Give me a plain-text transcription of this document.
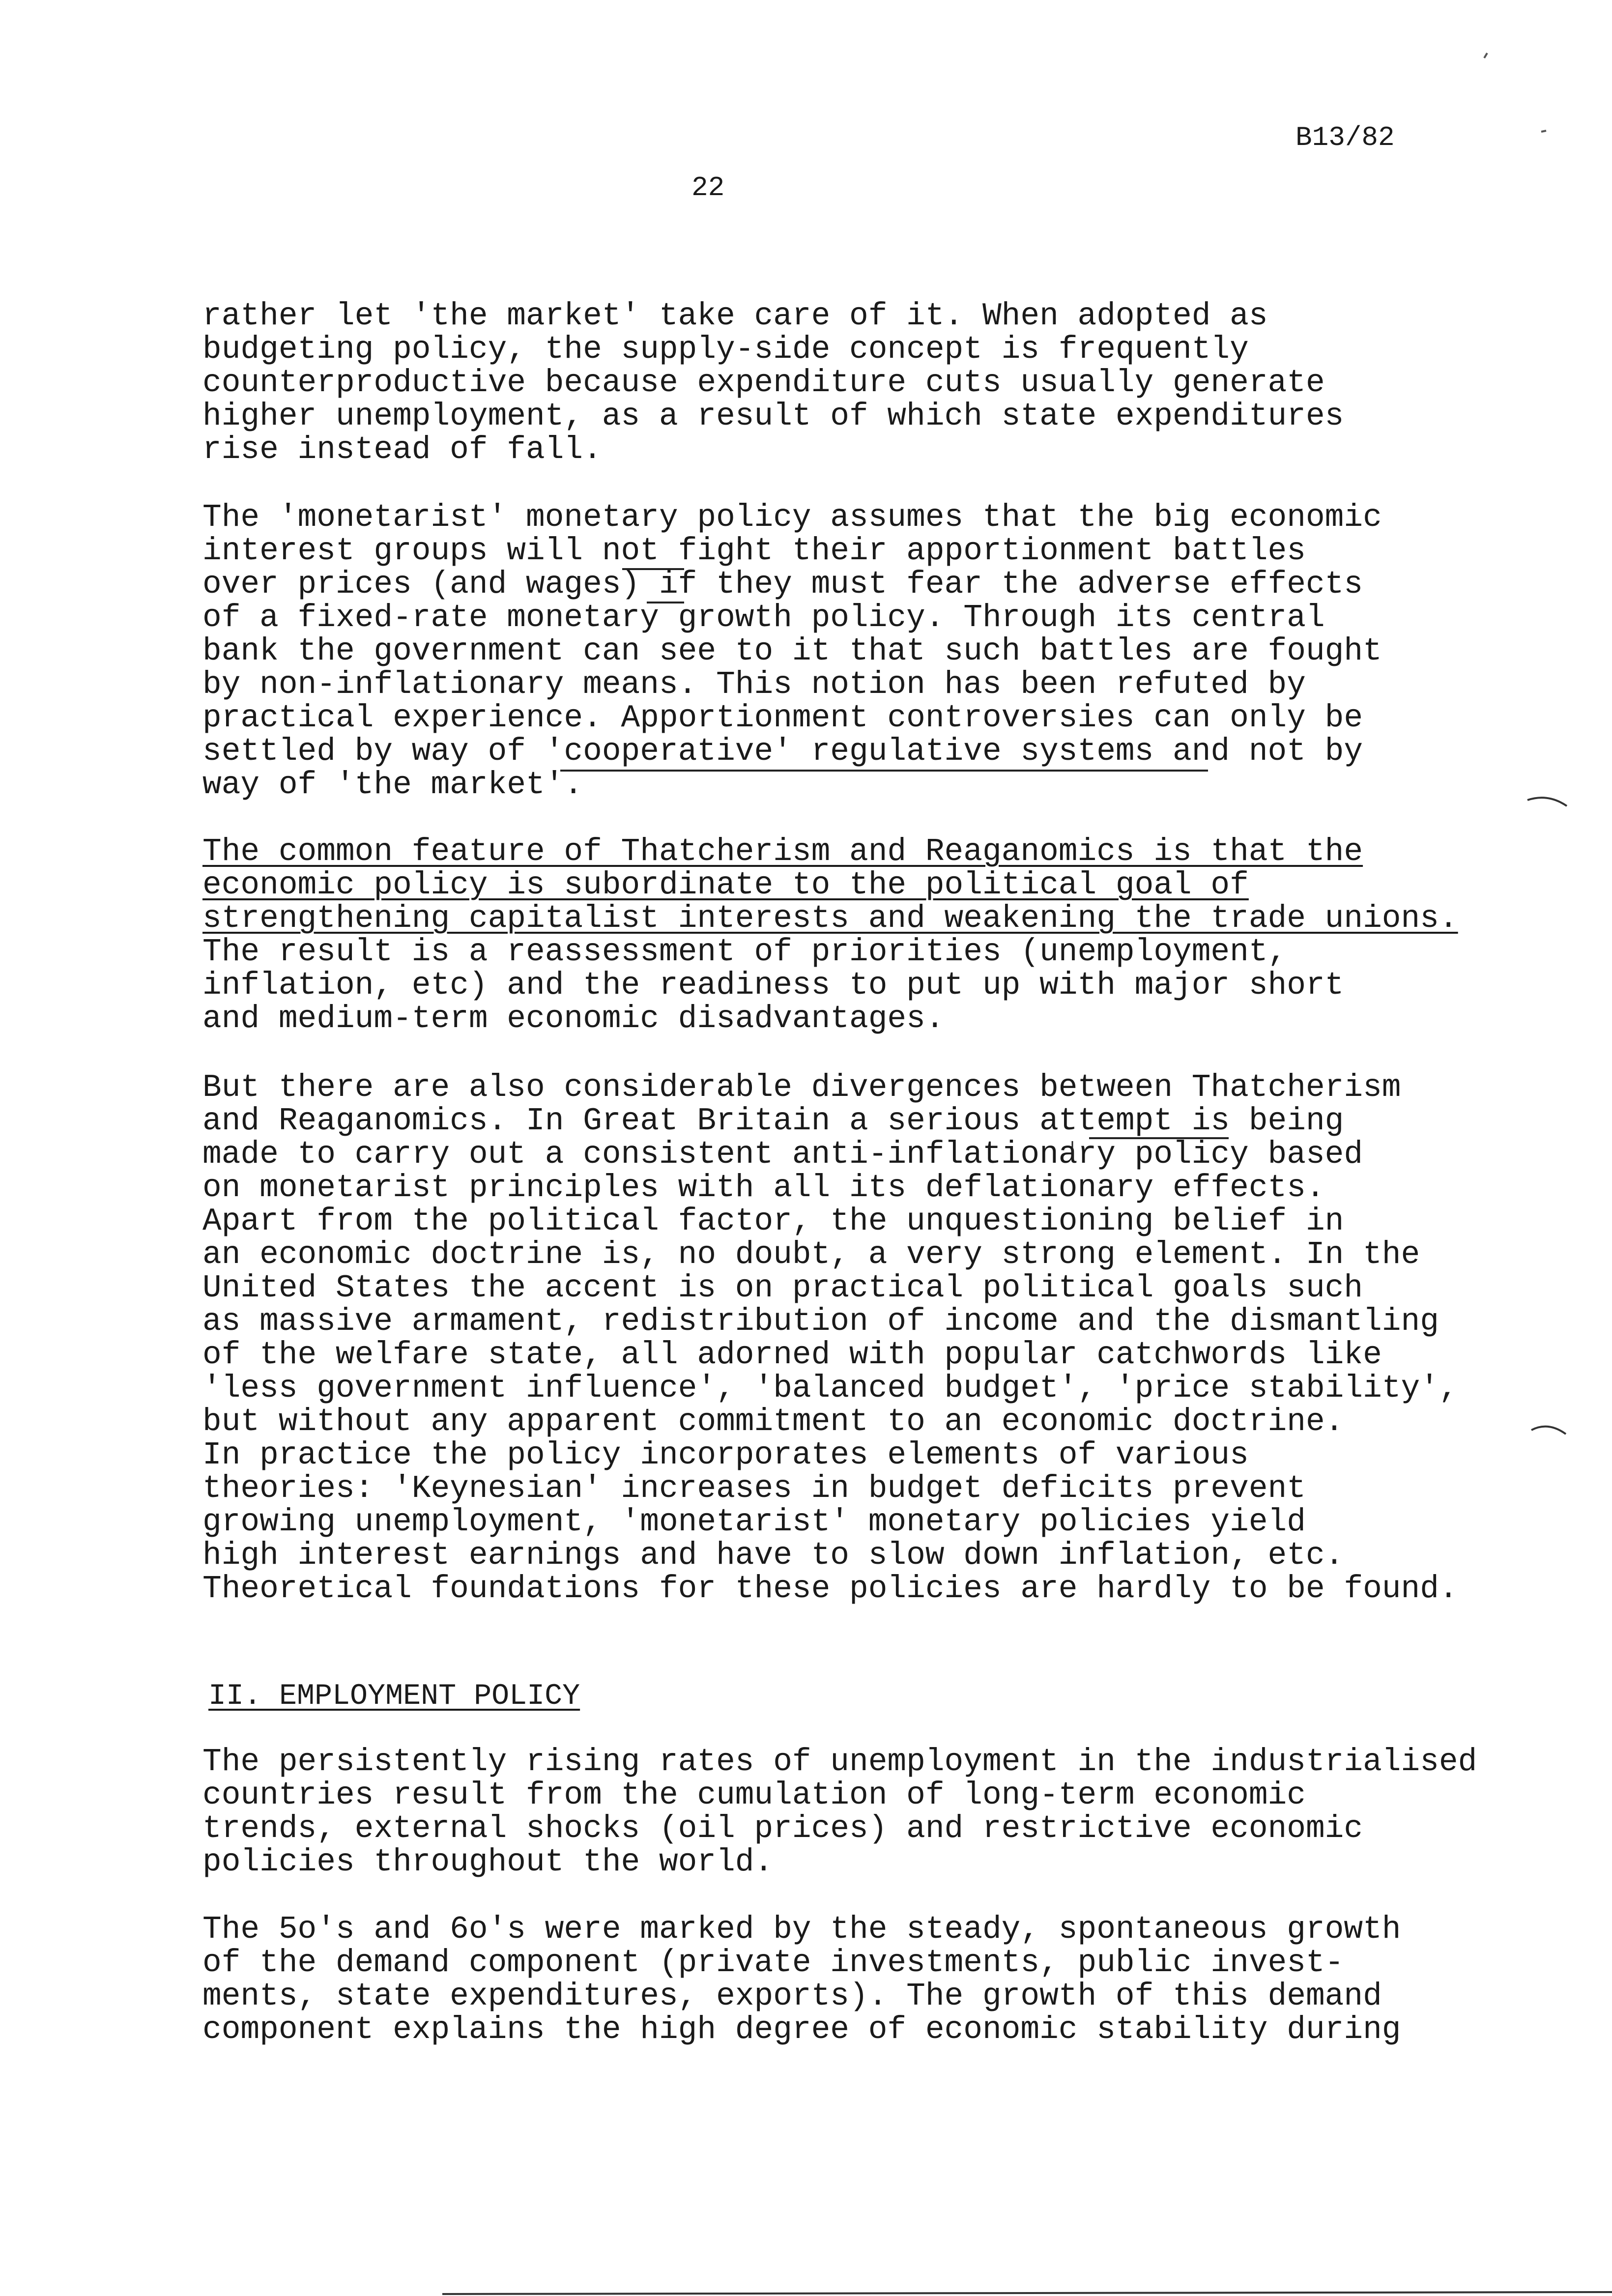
B13/82
22
rather let 'the market' take care of it. When adopted as
budgeting policy, the supply-side concept is frequently
counterproductive because expenditure cuts usually generate
higher unemployment, as a result of which state expenditures
rise instead of fall.
The 'monetarist' monetary policy assumes that the big economic
interest groups will not fight their apportionment battles
over prices (and wages) if they must fear the adverse effects
of a fixed-rate monetary growth policy. Through its central
bank the government can see to it that such battles are fought
by non-inflationary means. This notion has been refuted by
practical experience. Apportionment controversies can only be
settled by way of 'cooperative' regulative systems and not by
way of 'the market'.
The common feature of Thatcherism and Reaganomics is that the
economic policy is subordinate to the political goal of
strengthening capitalist interests and weakening the trade unions.
The result is a reassessment of priorities (unemployment,
inflation, etc) and the readiness to put up with major short
and medium-term economic disadvantages.
But there are also considerable divergences between Thatcherism
and Reaganomics. In Great Britain a serious attempt is being
made to carry out a consistent anti-inflationary policy based
on monetarist principles with all its deflationary effects.
Apart from the political factor, the unquestioning belief in
an economic doctrine is, no doubt, a very strong element. In the
United States the accent is on practical political goals such
as massive armament, redistribution of income and the dismantling
of the welfare state, all adorned with popular catchwords like
'less government influence', 'balanced budget', 'price stability',
but without any apparent commitment to an economic doctrine.
In practice the policy incorporates elements of various
theories: 'Keynesian' increases in budget deficits prevent
growing unemployment, 'monetarist' monetary policies yield
high interest earnings and have to slow down inflation, etc.
Theoretical foundations for these policies are hardly to be found.
II. EMPLOYMENT POLICY
The persistently rising rates of unemployment in the industrialised
countries result from the cumulation of long-term economic
trends, external shocks (oil prices) and restrictive economic
policies throughout the world.
The 5o's and 6o's were marked by the steady, spontaneous growth
of the demand component (private investments, public invest-
ments, state expenditures, exports). The growth of this demand
component explains the high degree of economic stability during
